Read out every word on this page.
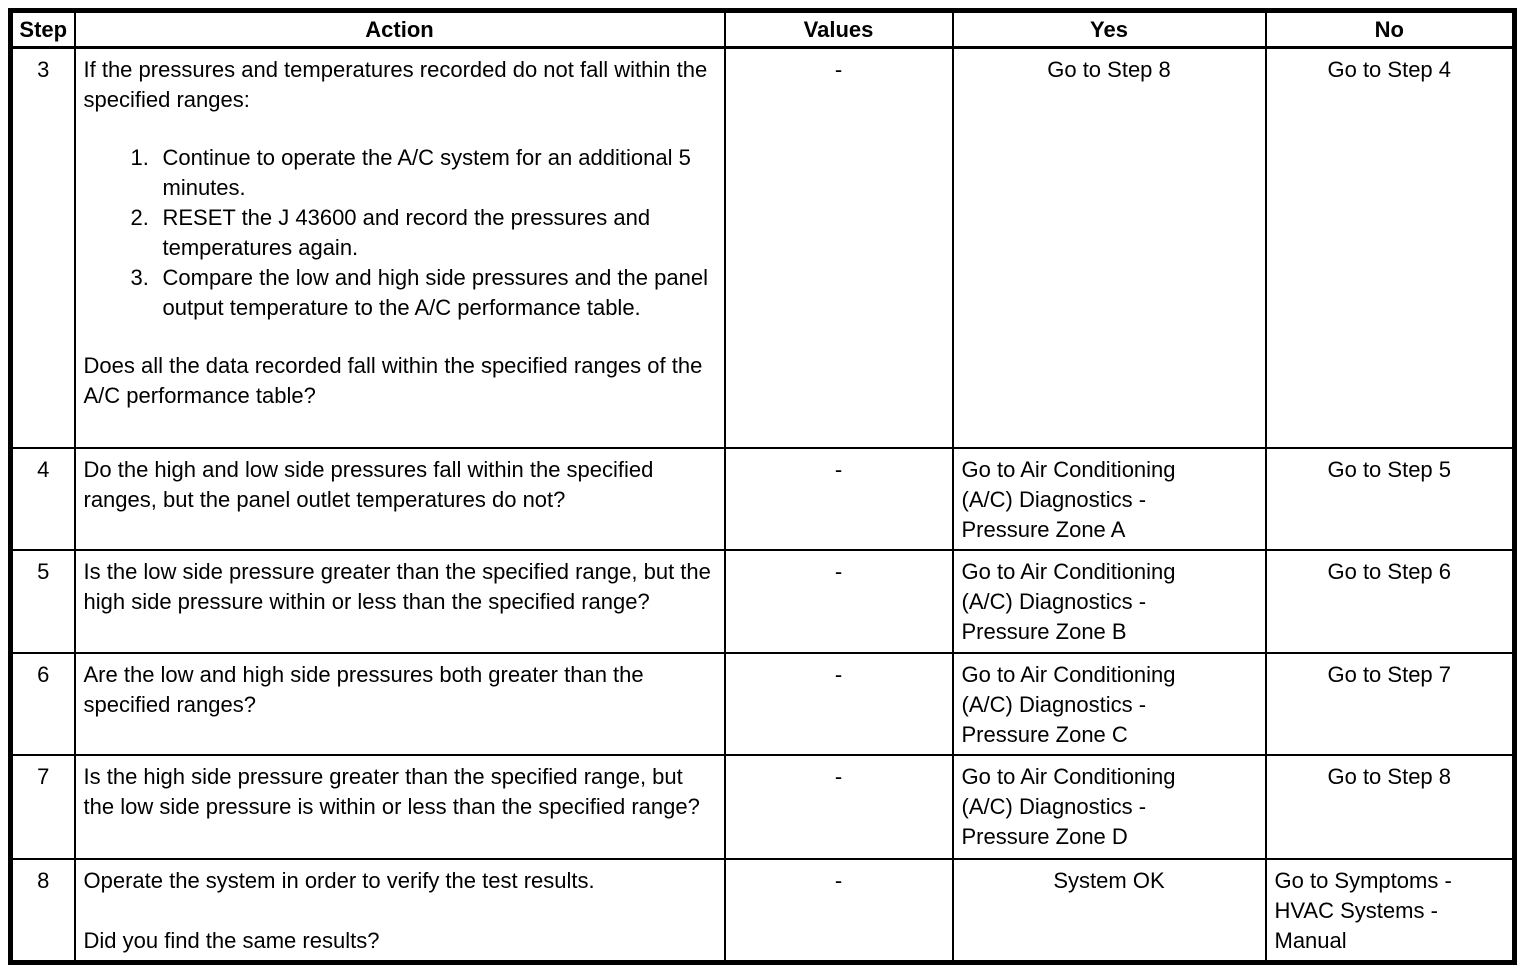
Step	Action	Values	Yes	No
3	If the pressures and temperatures recorded do not fall within the specified ranges:

1. Continue to operate the A/C system for an additional 5 minutes.
2. RESET the J 43600 and record the pressures and temperatures again.
3. Compare the low and high side pressures and the panel output temperature to the A/C performance table.

Does all the data recorded fall within the specified ranges of the A/C performance table?

	-	Go to Step 8	Go to Step 4
4	Do the high and low side pressures fall within the specified ranges, but the panel outlet temperatures do not?	-	Go to Air Conditioning
(A/C) Diagnostics -
Pressure Zone A	Go to Step 5
5	Is the low side pressure greater than the specified range, but the high side pressure within or less than the specified range?	-	Go to Air Conditioning
(A/C) Diagnostics -
Pressure Zone B	Go to Step 6
6	Are the low and high side pressures both greater than the specified ranges?	-	Go to Air Conditioning
(A/C) Diagnostics -
Pressure Zone C	Go to Step 7
7	Is the high side pressure greater than the specified range, but the low side pressure is within or less than the specified range?	-	Go to Air Conditioning
(A/C) Diagnostics -
Pressure Zone D	Go to Step 8
8	Operate the system in order to verify the test results.

Did you find the same results?

	-	System OK	Go to Symptoms -
HVAC Systems -
Manual
